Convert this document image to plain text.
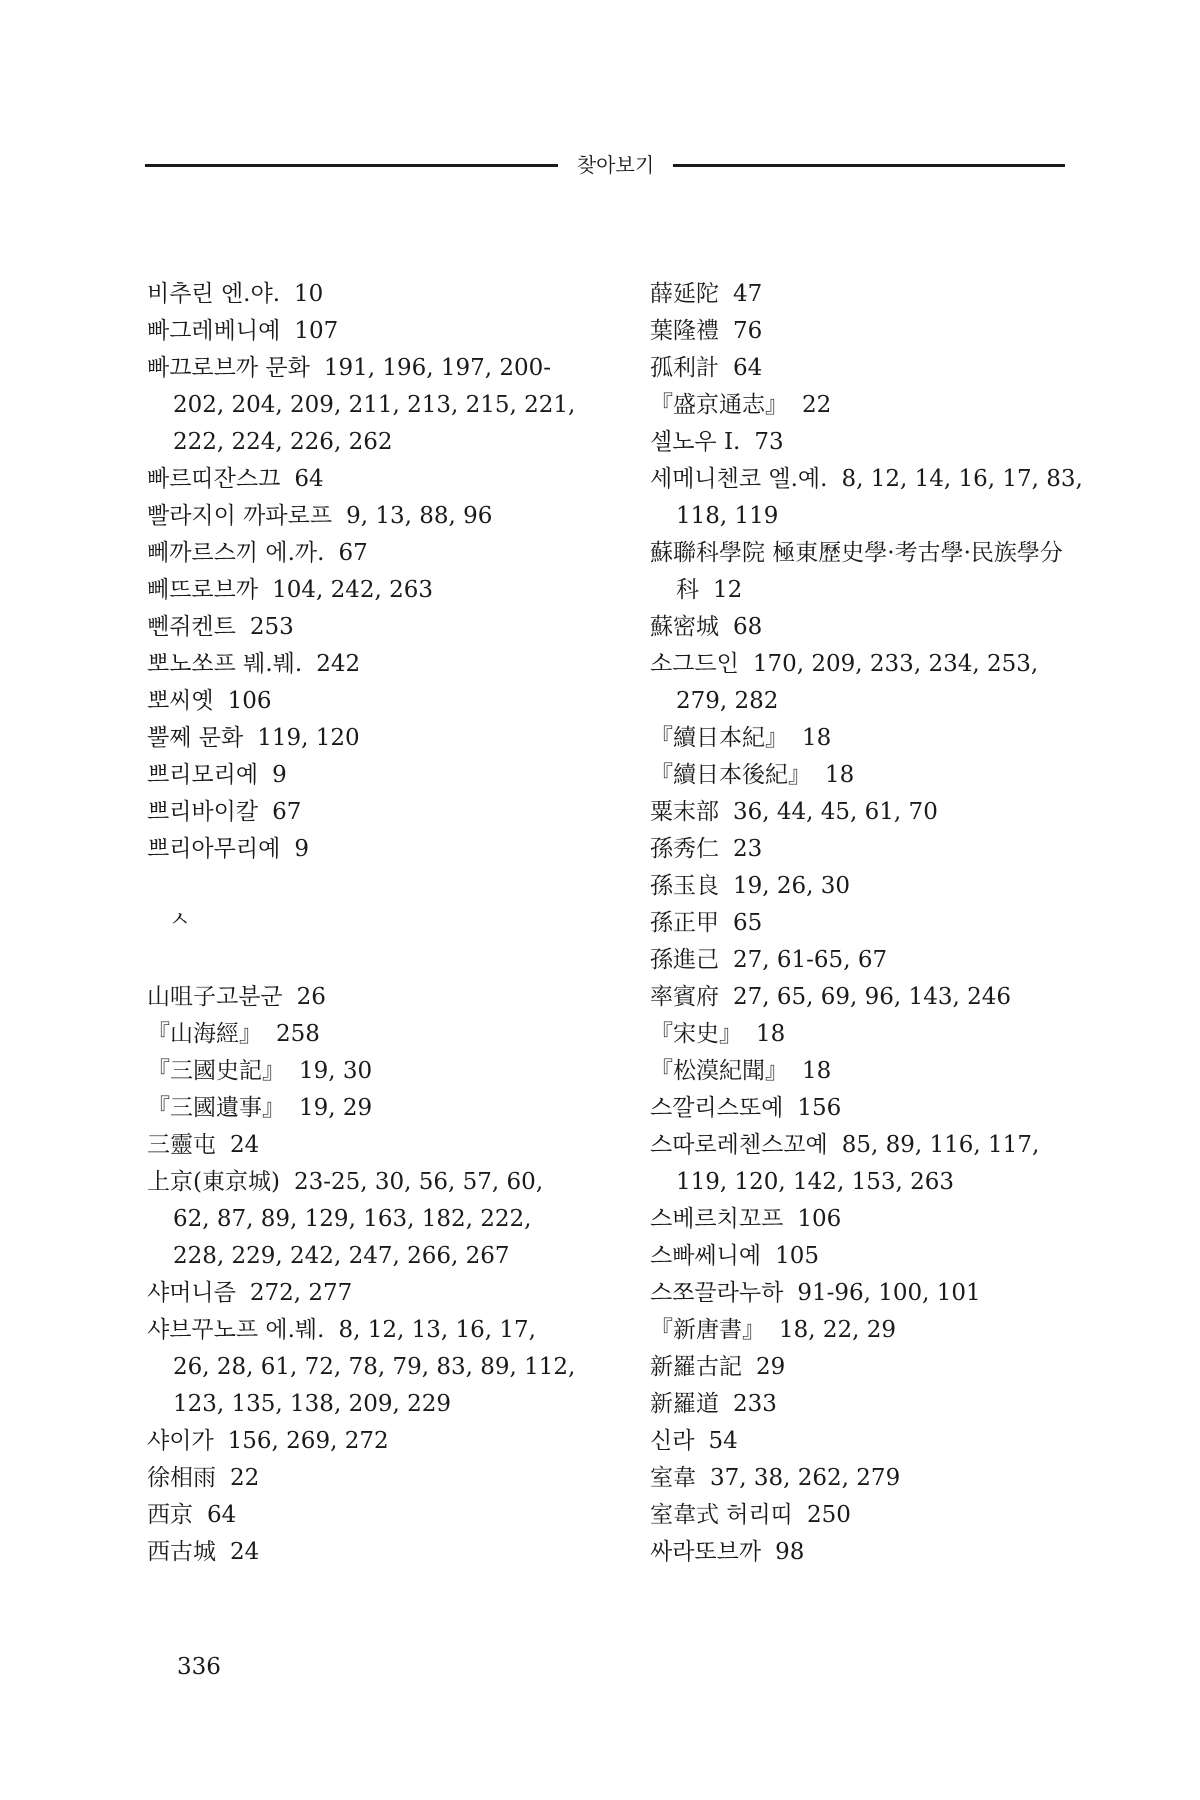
찾아보기
비추린 엔.야. 10
빠그레베니예 107
빠끄로브까 문화 191, 196, 197, 200-202, 204, 209, 211, 213, 215, 221, 222, 224, 226, 262
빠르띠잔스끄 64
빨라지이 까파로프 9, 13, 88, 96
뻬까르스끼 에.까. 67
뻬뜨로브까 104, 242, 263
뻰쥐켄트 253
뽀노쏘프 붸.붸. 242
뽀씨옛 106
뿔쩨 문화 119, 120
쁘리모리예 9
쁘리바이칼 67
쁘리아무리예 9
ㅅ
山咀子고분군 26
『山海經』 258
『三國史記』 19, 30
『三國遺事』 19, 29
三靈屯 24
上京(東京城) 23-25, 30, 56, 57, 60, 62, 87, 89, 129, 163, 182, 222, 228, 229, 242, 247, 266, 267
샤머니즘 272, 277
샤브꾸노프 에.붸. 8, 12, 13, 16, 17, 26, 28, 61, 72, 78, 79, 83, 89, 112, 123, 135, 138, 209, 229
샤이가 156, 269, 272
徐相雨 22
西京 64
西古城 24
薛延陀 47
葉隆禮 76
孤利計 64
『盛京通志』 22
셀노우 I. 73
세메니첸코 엘.예. 8, 12, 14, 16, 17, 83, 118, 119
蘇聯科學院 極東歷史學·考古學·民族學分科 12
蘇密城 68
소그드인 170, 209, 233, 234, 253, 279, 282
『續日本紀』 18
『續日本後紀』 18
粟末部 36, 44, 45, 61, 70
孫秀仁 23
孫玉良 19, 26, 30
孫正甲 65
孫進己 27, 61-65, 67
率賓府 27, 65, 69, 96, 143, 246
『宋史』 18
『松漠紀聞』 18
스깔리스또예 156
스따로레첸스꼬예 85, 89, 116, 117, 119, 120, 142, 153, 263
스베르치꼬프 106
스빠쎄니예 105
스쪼끌라누하 91-96, 100, 101
『新唐書』 18, 22, 29
新羅古記 29
新羅道 233
신라 54
室韋 37, 38, 262, 279
室韋式 허리띠 250
싸라또브까 98
336
